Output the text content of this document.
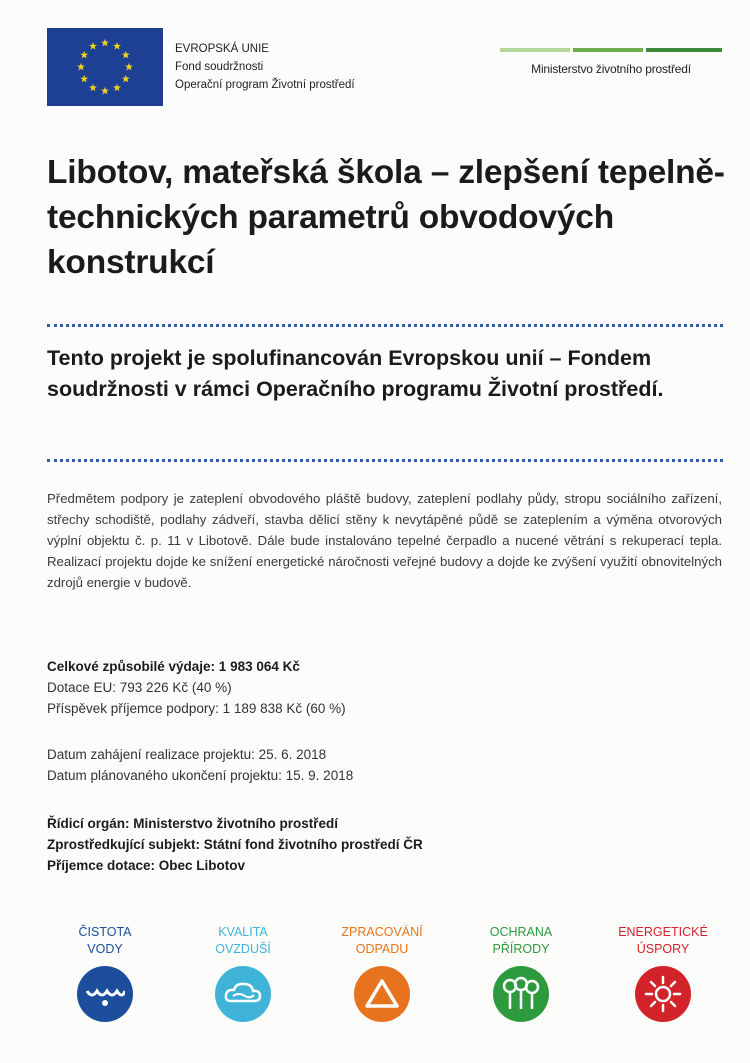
EVROPSKÁ UNIE
Fond soudržnosti
Operační program Životní prostředí
Ministerstvo životního prostředí
Libotov, mateřská škola – zlepšení tepelně-technických parametrů obvodových konstrukcí
Tento projekt je spolufinancován Evropskou unií – Fondem soudržnosti v rámci Operačního programu Životní prostředí.
Předmětem podpory je zateplení obvodového pláště budovy, zateplení podlahy půdy, stropu sociálního zařízení, střechy schodiště, podlahy zádveří, stavba dělicí stěny k nevytápěné půdě se zateplením a výměna otvorových výplní objektu č. p. 11 v Libotově. Dále bude instalováno tepelné čerpadlo a nucené větrání s rekuperací tepla. Realizací projektu dojde ke snížení energetické náročnosti veřejné budovy a dojde ke zvýšení využití obnovitelných zdrojů energie v budově.
Celkové způsobilé výdaje: 1 983 064 Kč
Dotace EU: 793 226 Kč (40 %)
Příspěvek příjemce podpory: 1 189 838 Kč (60 %)
Datum zahájení realizace projektu: 25. 6. 2018
Datum plánovaného ukončení projektu: 15. 9. 2018
Řídicí orgán: Ministerstvo životního prostředí
Zprostředkující subjekt: Státní fond životního prostředí ČR
Příjemce dotace: Obec Libotov
ČISTOTA
VODY
KVALITA
OVZDUŠÍ
ZPRACOVÁNÍ
ODPADU
OCHRANA
PŘÍRODY
ENERGETICKÉ
ÚSPORY
